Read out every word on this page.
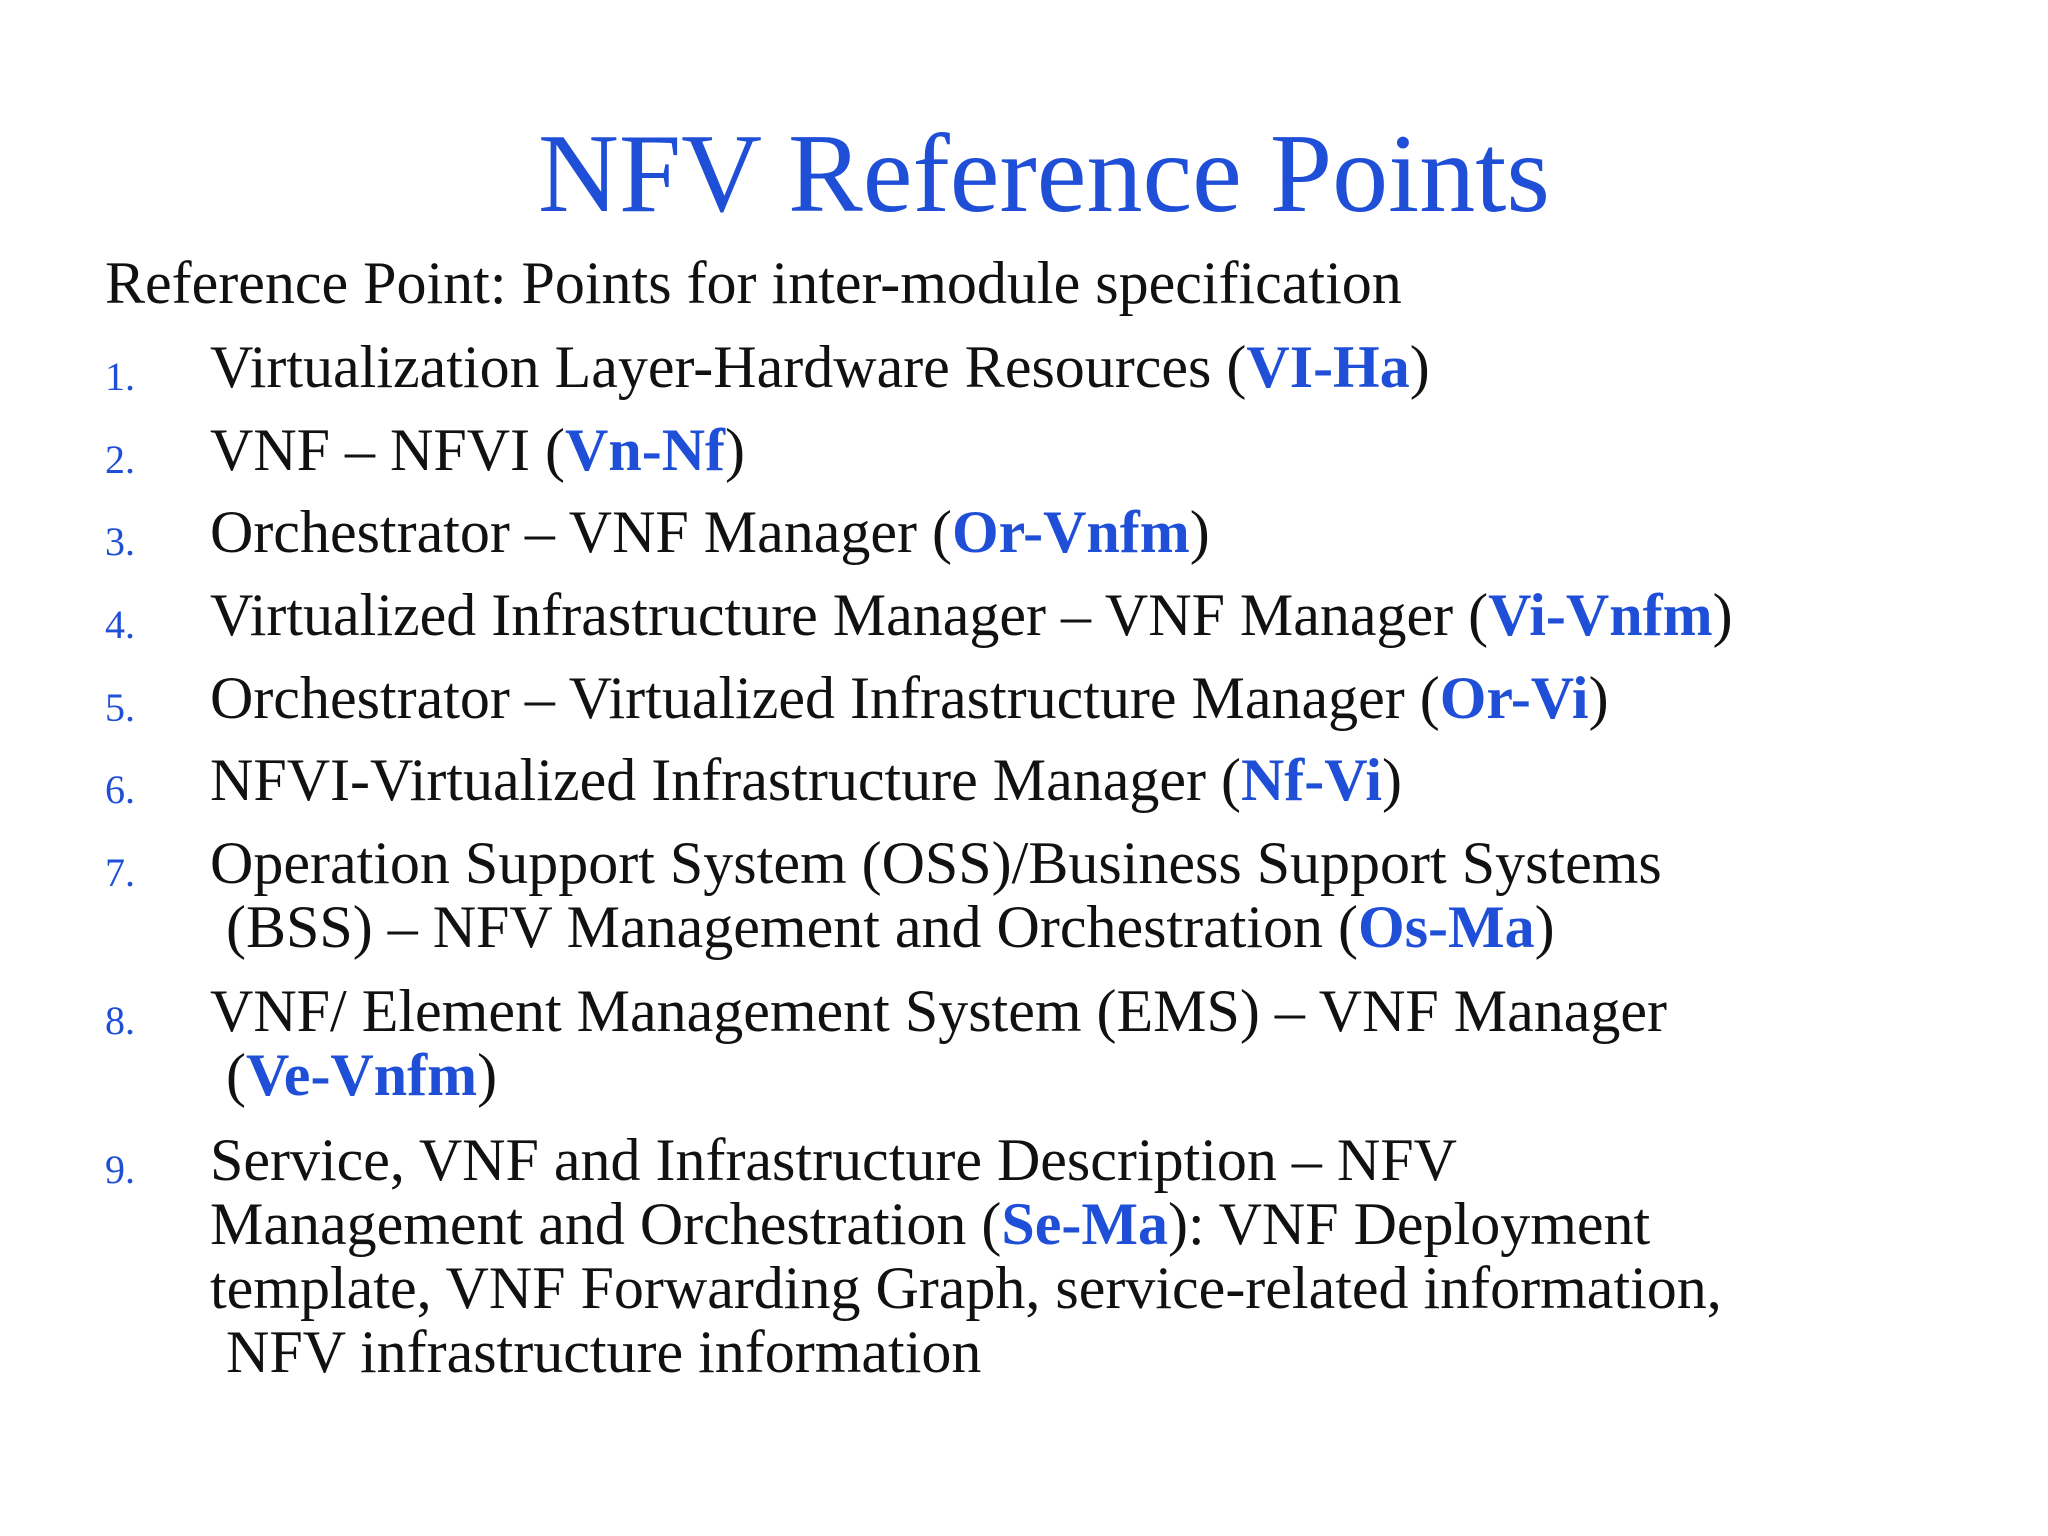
NFV Reference Points
Reference Point: Points for inter-module specification
1. Virtualization Layer-Hardware Resources (VI-Ha)
2. VNF – NFVI (Vn-Nf)
3. Orchestrator – VNF Manager (Or-Vnfm)
4. Virtualized Infrastructure Manager – VNF Manager (Vi-Vnfm)
5. Orchestrator – Virtualized Infrastructure Manager (Or-Vi)
6. NFVI-Virtualized Infrastructure Manager (Nf-Vi)
7. Operation Support System (OSS)/Business Support Systems
(BSS) – NFV Management and Orchestration (Os-Ma)
8. VNF/ Element Management System (EMS) – VNF Manager
(Ve-Vnfm)
9. Service, VNF and Infrastructure Description – NFV
Management and Orchestration (Se-Ma): VNF Deployment
template, VNF Forwarding Graph, service-related information,
NFV infrastructure information
